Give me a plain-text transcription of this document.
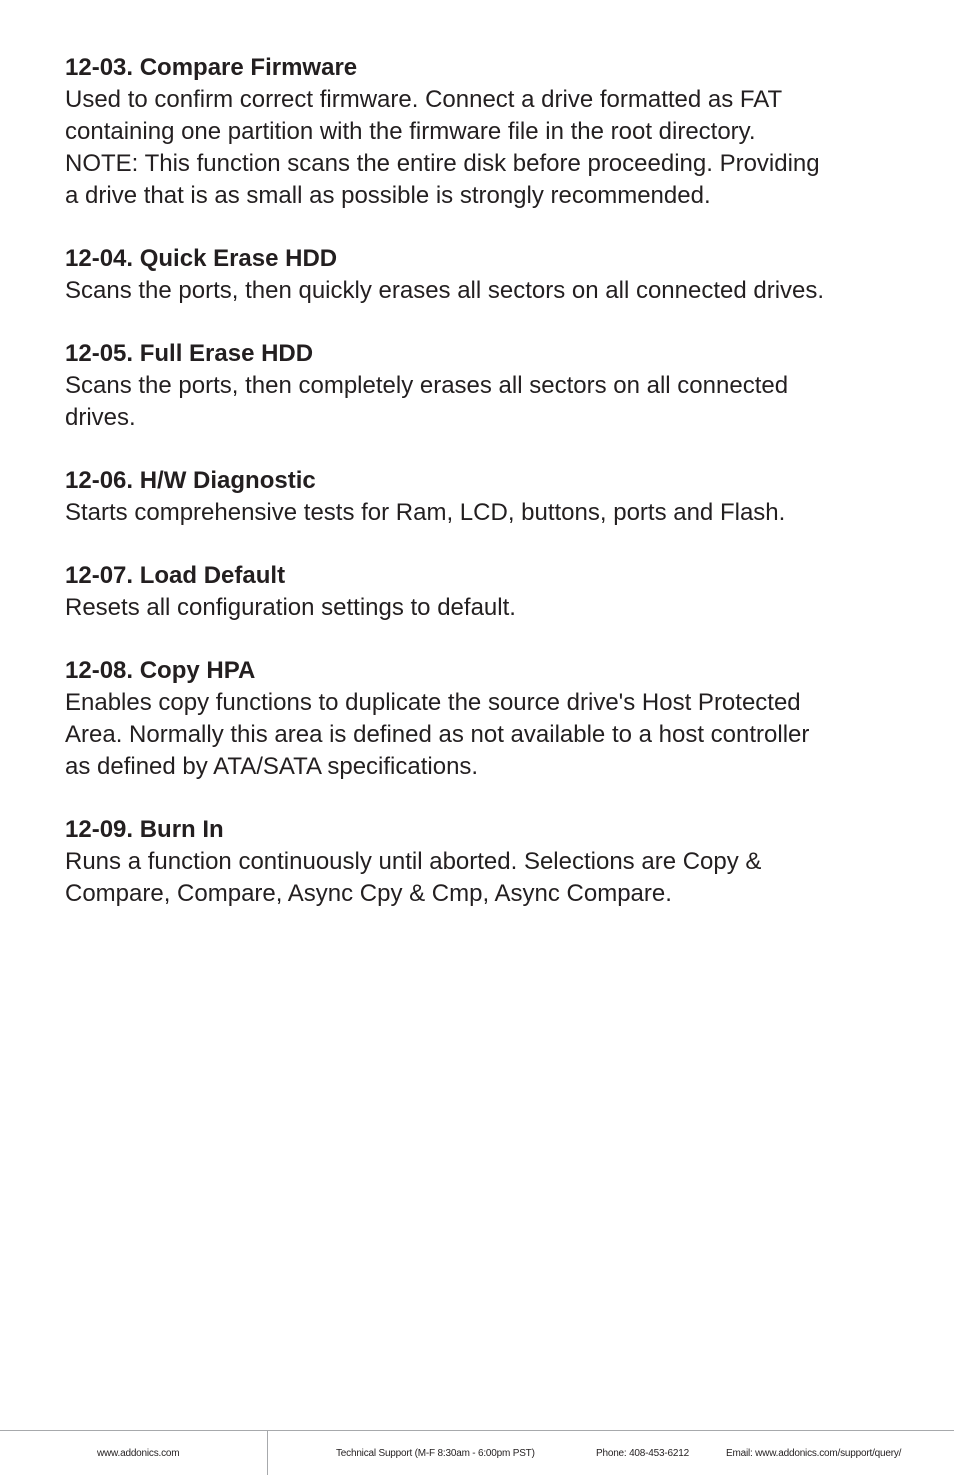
12-03. Compare Firmware

Used to confirm correct firmware. Connect a drive formatted as FAT
containing one partition with the firmware file in the root directory.
NOTE: This function scans the entire disk before proceeding. Providing
a drive that is as small as possible is strongly recommended.

12-04. Quick Erase HDD

Scans the ports, then quickly erases all sectors on all connected drives.

12-05. Full Erase HDD

Scans the ports, then completely erases all sectors on all connected
drives.

12-06. H/W Diagnostic

Starts comprehensive tests for Ram, LCD, buttons, ports and Flash.

12-07. Load Default

Resets all configuration settings to default.

12-08. Copy HPA

Enables copy functions to duplicate the source drive's Host Protected
Area. Normally this area is defined as not available to a host controller
as defined by ATA/SATA specifications.

12-09. Burn In

Runs a function continuously until aborted. Selections are Copy &
Compare, Compare, Async Cpy & Cmp, Async Compare.
www.addonics.com	Technical Support (M-F 8:30am - 6:00pm PST)	Phone: 408-453-6212	Email: www.addonics.com/support/query/
